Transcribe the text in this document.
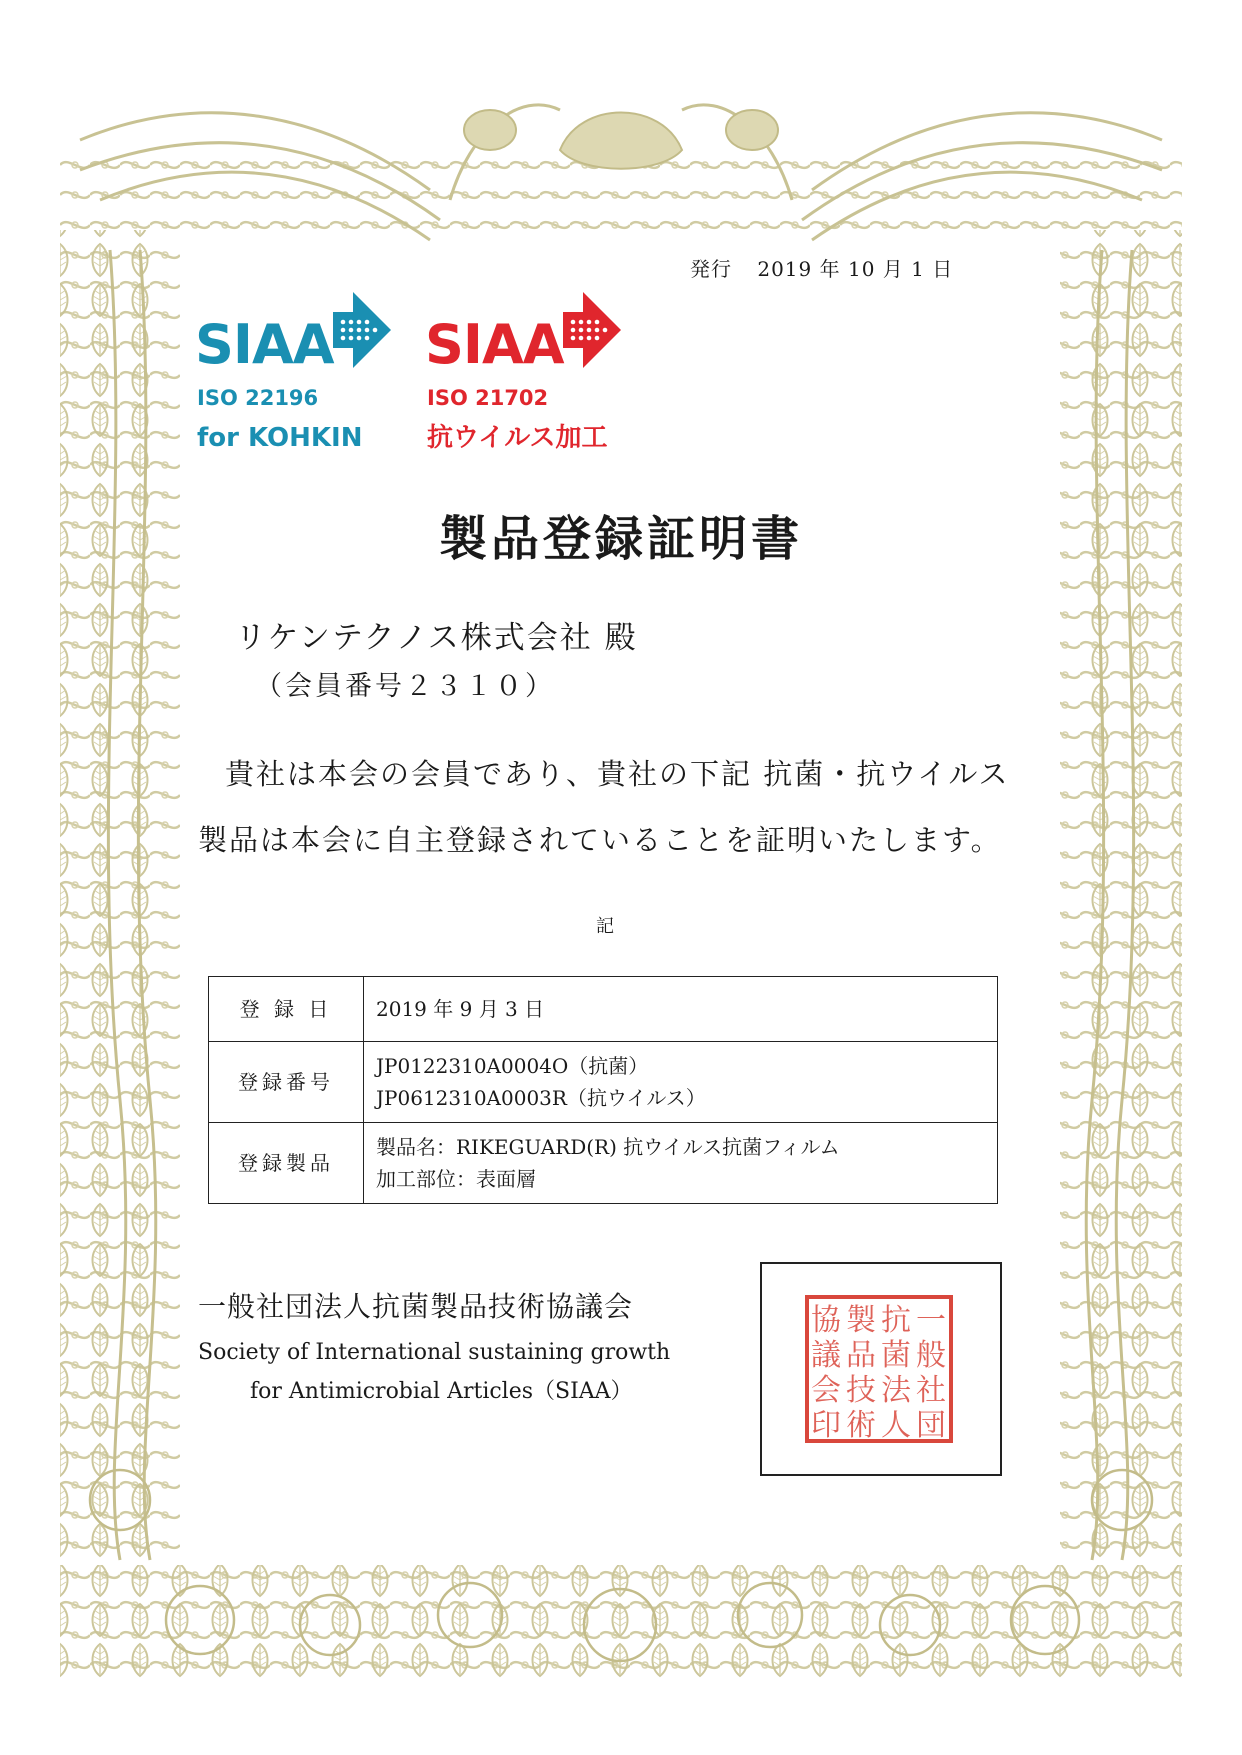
発行 2019 年 10 月 1 日
SIAA
ISO 22196
for KOHKIN
SIAA
ISO 21702
抗ウイルス加工
製品登録証明書
リケンテクノス株式会社 殿
（会員番号２３１０）
貴社は本会の会員であり、貴社の下記 抗菌・抗ウイルス
製品は本会に自主登録されていることを証明いたします。
記
登 録 日	2019 年 9 月 3 日
登録番号	JP0122310A0004O（抗菌）
JP0612310A0003R（抗ウイルス）

登録製品	製品名：RIKEGUARD(R) 抗ウイルス抗菌フィルム
加工部位：表面層
一般社団法人抗菌製品技術協議会
Society of International sustaining growth
for Antimicrobial Articles（SIAA）
協
議
会
印
製
品
技
術
抗
菌
法
人
一
般
社
団
